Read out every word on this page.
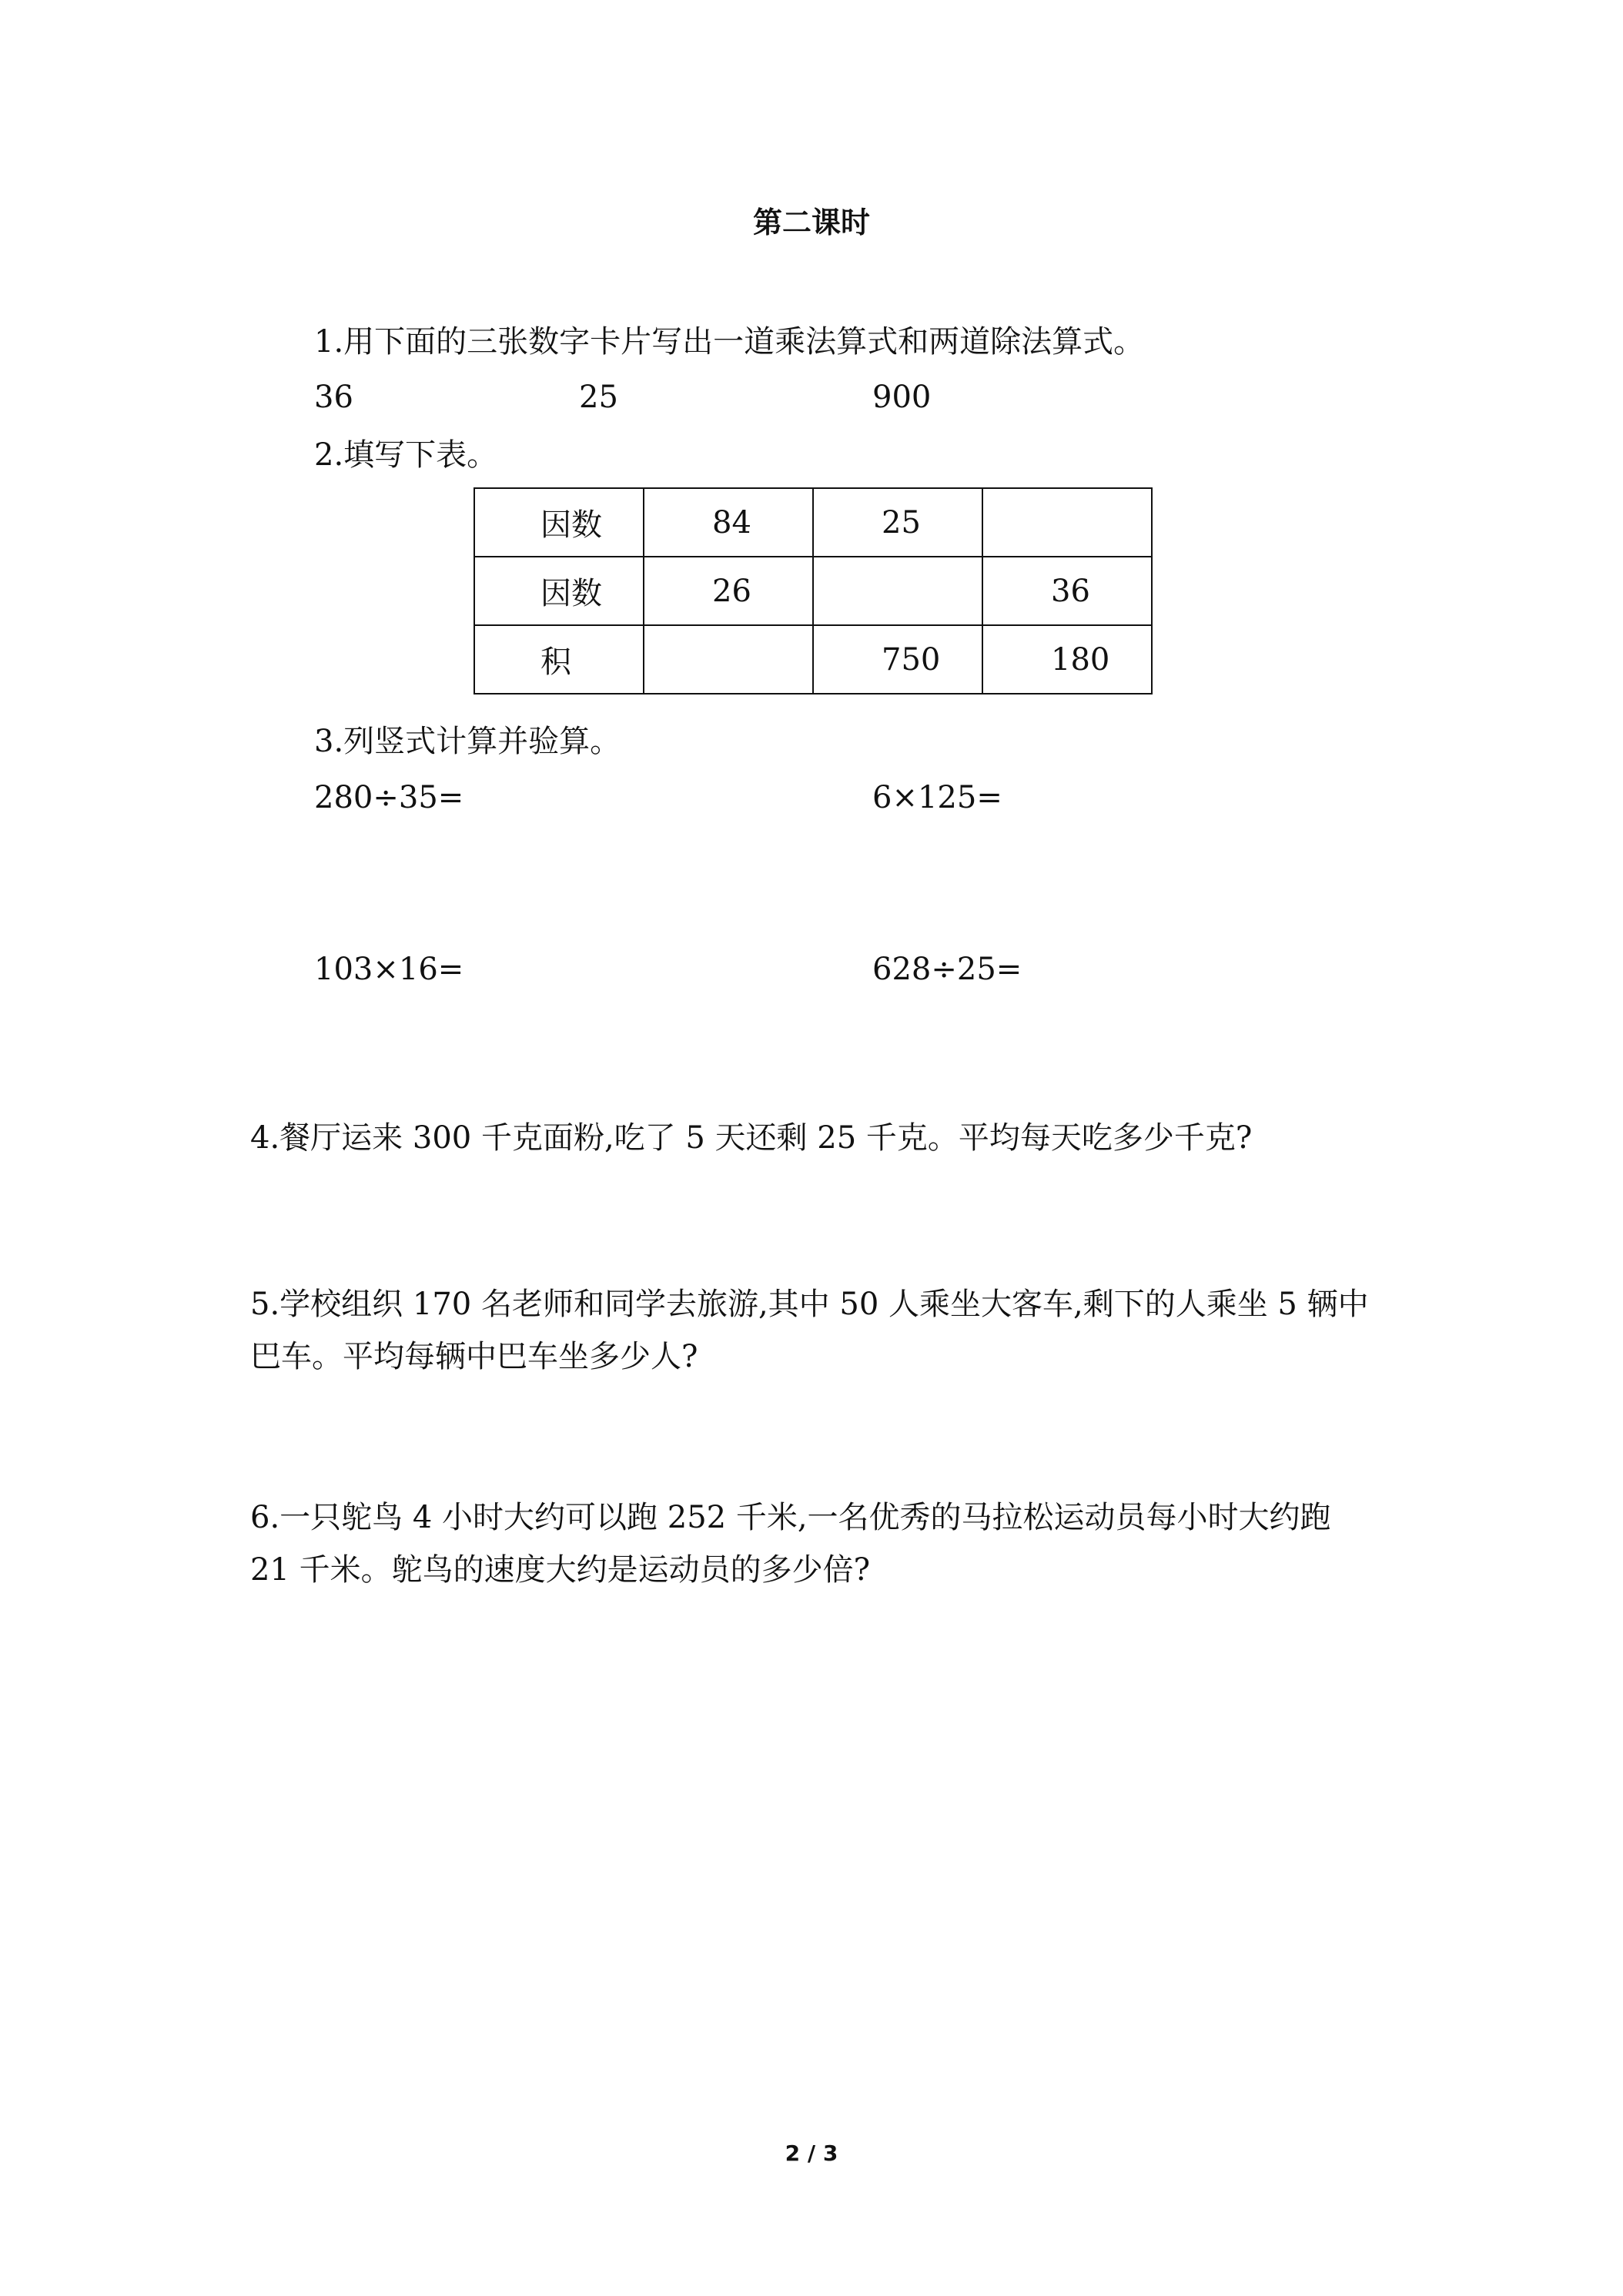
第二课时
1.用下面的三张数字卡片写出一道乘法算式和两道除法算式。
36	25	900
2.填写下表。
因数	84	25	
因数	26		36
积		750	180
3.列竖式计算并验算。
280÷35=	6×125=
103×16=	628÷25=
4.餐厅运来 300 千克面粉,吃了 5 天还剩 25 千克。平均每天吃多少千克?
5.学校组织 170 名老师和同学去旅游,其中 50 人乘坐大客车,剩下的人乘坐 5 辆中
巴车。平均每辆中巴车坐多少人?
6.一只鸵鸟 4 小时大约可以跑 252 千米,一名优秀的马拉松运动员每小时大约跑
21 千米。鸵鸟的速度大约是运动员的多少倍?
2 / 3
